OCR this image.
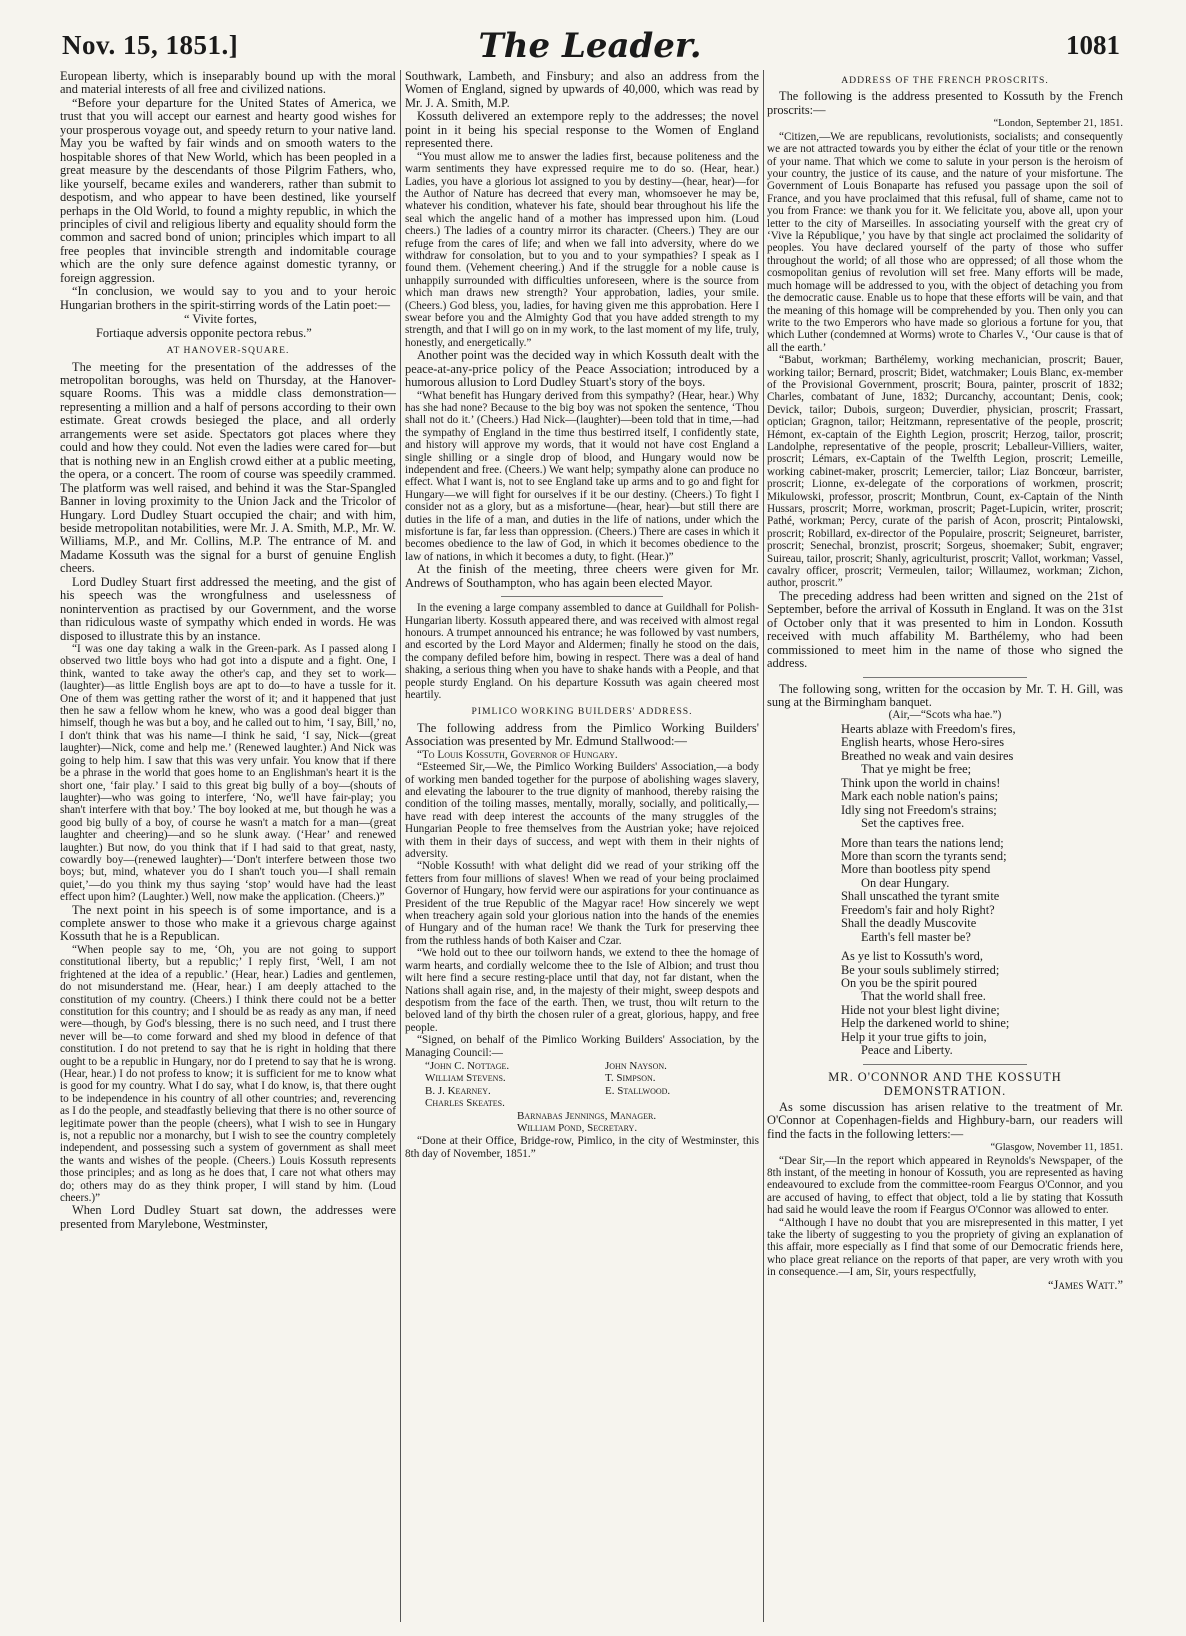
Nov. 15, 1851.]	The Leader.	1081

European liberty, which is inseparably bound up with the moral and material interests of all free and civilized nations.

“Before your departure for the United States of America, we trust that you will accept our earnest and hearty good wishes for your prosperous voyage out, and speedy return to your native land. May you be wafted by fair winds and on smooth waters to the hospitable shores of that New World, which has been peopled in a great measure by the descendants of those Pilgrim Fathers, who, like yourself, became exiles and wanderers, rather than submit to despotism, and who appear to have been destined, like yourself perhaps in the Old World, to found a mighty republic, in which the principles of civil and religious liberty and equality should form the common and sacred bond of union; principles which impart to all free peoples that invincible strength and indomitable courage which are the only sure defence against domestic tyranny, or foreign aggression.

“In conclusion, we would say to you and to your heroic Hungarian brothers in the spirit-stirring words of the Latin poet:—

“ Vivite fortes,
Fortiaque adversis opponite pectora rebus.”
AT HANOVER-SQUARE.

The meeting for the presentation of the addresses of the metropolitan boroughs, was held on Thursday, at the Hanover-square Rooms. This was a middle class demonstration—representing a million and a half of persons according to their own estimate. Great crowds besieged the place, and all orderly arrangements were set aside. Spectators got places where they could and how they could. Not even the ladies were cared for—but that is nothing new in an English crowd either at a public meeting, the opera, or a concert. The room of course was speedily crammed. The platform was well raised, and behind it was the Star-Spangled Banner in loving proximity to the Union Jack and the Tricolor of Hungary. Lord Dudley Stuart occupied the chair; and with him, beside metropolitan notabilities, were Mr. J. A. Smith, M.P., Mr. W. Williams, M.P., and Mr. Collins, M.P. The entrance of M. and Madame Kossuth was the signal for a burst of genuine English cheers.

Lord Dudley Stuart first addressed the meeting, and the gist of his speech was the wrongfulness and uselessness of nonintervention as practised by our Government, and the worse than ridiculous waste of sympathy which ended in words. He was disposed to illustrate this by an instance.

“I was one day taking a walk in the Green-park. As I passed along I observed two little boys who had got into a dispute and a fight. One, I think, wanted to take away the other's cap, and they set to work—(laughter)—as little English boys are apt to do—to have a tussle for it. One of them was getting rather the worst of it; and it happened that just then he saw a fellow whom he knew, who was a good deal bigger than himself, though he was but a boy, and he called out to him, ‘I say, Bill,’ no, I don't think that was his name—I think he said, ‘I say, Nick—(great laughter)—Nick, come and help me.’ (Renewed laughter.) And Nick was going to help him. I saw that this was very unfair. You know that if there be a phrase in the world that goes home to an Englishman's heart it is the short one, ‘fair play.’ I said to this great big bully of a boy—(shouts of laughter)—who was going to interfere, ‘No, we'll have fair-play; you shan't interfere with that boy.’ The boy looked at me, but though he was a good big bully of a boy, of course he wasn't a match for a man—(great laughter and cheering)—and so he slunk away. (‘Hear’ and renewed laughter.) But now, do you think that if I had said to that great, nasty, cowardly boy—(renewed laughter)—‘Don't interfere between those two boys; but, mind, whatever you do I shan't touch you—I shall remain quiet,’—do you think my thus saying ‘stop’ would have had the least effect upon him? (Laughter.) Well, now make the application. (Cheers.)”

The next point in his speech is of some importance, and is a complete answer to those who make it a grievous charge against Kossuth that he is a Republican.

“When people say to me, ‘Oh, you are not going to support constitutional liberty, but a republic;’ I reply first, ‘Well, I am not frightened at the idea of a republic.’ (Hear, hear.) Ladies and gentlemen, do not misunderstand me. (Hear, hear.) I am deeply attached to the constitution of my country. (Cheers.) I think there could not be a better constitution for this country; and I should be as ready as any man, if need were—though, by God's blessing, there is no such need, and I trust there never will be—to come forward and shed my blood in defence of that constitution. I do not pretend to say that he is right in holding that there ought to be a republic in Hungary, nor do I pretend to say that he is wrong. (Hear, hear.) I do not profess to know; it is sufficient for me to know what is good for my country. What I do say, what I do know, is, that there ought to be independence in his country of all other countries; and, reverencing as I do the people, and steadfastly believing that there is no other source of legitimate power than the people (cheers), what I wish to see in Hungary is, not a republic nor a monarchy, but I wish to see the country completely independent, and possessing such a system of government as shall meet the wants and wishes of the people. (Cheers.) Louis Kossuth represents those principles; and as long as he does that, I care not what others may do; others may do as they think proper, I will stand by him. (Loud cheers.)”

When Lord Dudley Stuart sat down, the addresses were presented from Marylebone, Westminster,

Southwark, Lambeth, and Finsbury; and also an address from the Women of England, signed by upwards of 40,000, which was read by Mr. J. A. Smith, M.P.

Kossuth delivered an extempore reply to the addresses; the novel point in it being his special response to the Women of England represented there.

“You must allow me to answer the ladies first, because politeness and the warm sentiments they have expressed require me to do so. (Hear, hear.) Ladies, you have a glorious lot assigned to you by destiny—(hear, hear)—for the Author of Nature has decreed that every man, whomsoever he may be, whatever his condition, whatever his fate, should bear throughout his life the seal which the angelic hand of a mother has impressed upon him. (Loud cheers.) The ladies of a country mirror its character. (Cheers.) They are our refuge from the cares of life; and when we fall into adversity, where do we withdraw for consolation, but to you and to your sympathies? I speak as I found them. (Vehement cheering.) And if the struggle for a noble cause is unhappily surrounded with difficulties unforeseen, where is the source from which man draws new strength? Your approbation, ladies, your smile. (Cheers.) God bless, you, ladies, for having given me this approbation. Here I swear before you and the Almighty God that you have added strength to my strength, and that I will go on in my work, to the last moment of my life, truly, honestly, and energetically.”

Another point was the decided way in which Kossuth dealt with the peace-at-any-price policy of the Peace Association; introduced by a humorous allusion to Lord Dudley Stuart's story of the boys.

“What benefit has Hungary derived from this sympathy? (Hear, hear.) Why has she had none? Because to the big boy was not spoken the sentence, ‘Thou shall not do it.’ (Cheers.) Had Nick—(laughter)—been told that in time,—had the sympathy of England in the time thus bestirred itself, I confidently state, and history will approve my words, that it would not have cost England a single shilling or a single drop of blood, and Hungary would now be independent and free. (Cheers.) We want help; sympathy alone can produce no effect. What I want is, not to see England take up arms and to go and fight for Hungary—we will fight for ourselves if it be our destiny. (Cheers.) To fight I consider not as a glory, but as a misfortune—(hear, hear)—but still there are duties in the life of a man, and duties in the life of nations, under which the misfortune is far, far less than oppression. (Cheers.) There are cases in which it becomes obedience to the law of God, in which it becomes obedience to the law of nations, in which it becomes a duty, to fight. (Hear.)”

At the finish of the meeting, three cheers were given for Mr. Andrews of Southampton, who has again been elected Mayor.

In the evening a large company assembled to dance at Guildhall for Polish-Hungarian liberty. Kossuth appeared there, and was received with almost regal honours. A trumpet announced his entrance; he was followed by vast numbers, and escorted by the Lord Mayor and Aldermen; finally he stood on the dais, the company defiled before him, bowing in respect. There was a deal of hand shaking, a serious thing when you have to shake hands with a People, and that people sturdy England. On his departure Kossuth was again cheered most heartily.

PIMLICO WORKING BUILDERS' ADDRESS.

The following address from the Pimlico Working Builders' Association was presented by Mr. Edmund Stallwood:—

“To Louis Kossuth, Governor of Hungary.

“Esteemed Sir,—We, the Pimlico Working Builders' Association,—a body of working men banded together for the purpose of abolishing wages slavery, and elevating the labourer to the true dignity of manhood, thereby raising the condition of the toiling masses, mentally, morally, socially, and politically,—have read with deep interest the accounts of the many struggles of the Hungarian People to free themselves from the Austrian yoke; have rejoiced with them in their days of success, and wept with them in their nights of adversity.

“Noble Kossuth! with what delight did we read of your striking off the fetters from four millions of slaves! When we read of your being proclaimed Governor of Hungary, how fervid were our aspirations for your continuance as President of the true Republic of the Magyar race! How sincerely we wept when treachery again sold your glorious nation into the hands of the enemies of Hungary and of the human race! We thank the Turk for preserving thee from the ruthless hands of both Kaiser and Czar.

“We hold out to thee our toilworn hands, we extend to thee the homage of warm hearts, and cordially welcome thee to the Isle of Albion; and trust thou wilt here find a secure resting-place until that day, not far distant, when the Nations shall again rise, and, in the majesty of their might, sweep despots and despotism from the face of the earth. Then, we trust, thou wilt return to the beloved land of thy birth the chosen ruler of a great, glorious, happy, and free people.

“Signed, on behalf of the Pimlico Working Builders' Association, by the Managing Council:—

“John C. Nottage.	John Nayson.
William Stevens.	T. Simpson.
B. J. Kearney.	E. Stallwood.
Charles Skeates.
Barnabas Jennings, Manager.
William Pond, Secretary.

“Done at their Office, Bridge-row, Pimlico, in the city of Westminster, this 8th day of November, 1851.”

ADDRESS OF THE FRENCH PROSCRITS.

The following is the address presented to Kossuth by the French proscrits:—

“London, September 21, 1851.

“Citizen,—We are republicans, revolutionists, socialists; and consequently we are not attracted towards you by either the éclat of your title or the renown of your name. That which we come to salute in your person is the heroism of your country, the justice of its cause, and the nature of your misfortune. The Government of Louis Bonaparte has refused you passage upon the soil of France, and you have proclaimed that this refusal, full of shame, came not to you from France: we thank you for it. We felicitate you, above all, upon your letter to the city of Marseilles. In associating yourself with the great cry of ‘Vive la République,’ you have by that single act proclaimed the solidarity of peoples. You have declared yourself of the party of those who suffer throughout the world; of all those who are oppressed; of all those whom the cosmopolitan genius of revolution will set free. Many efforts will be made, much homage will be addressed to you, with the object of detaching you from the democratic cause. Enable us to hope that these efforts will be vain, and that the meaning of this homage will be comprehended by you. Then only you can write to the two Emperors who have made so glorious a fortune for you, that which Luther (condemned at Worms) wrote to Charles V., ‘Our cause is that of all the earth.’

“Babut, workman; Barthélemy, working mechanician, proscrit; Bauer, working tailor; Bernard, proscrit; Bidet, watchmaker; Louis Blanc, ex-member of the Provisional Government, proscrit; Boura, painter, proscrit of 1832; Charles, combatant of June, 1832; Durcanchy, accountant; Denis, cook; Devick, tailor; Dubois, surgeon; Duverdier, physician, proscrit; Frassart, optician; Gragnon, tailor; Heitzmann, representative of the people, proscrit; Hémont, ex-captain of the Eighth Legion, proscrit; Herzog, tailor, proscrit; Landolphe, representative of the people, proscrit; Leballeur-Villiers, waiter, proscrit; Lémars, ex-Captain of the Twelfth Legion, proscrit; Lemeille, working cabinet-maker, proscrit; Lemercier, tailor; Liaz Boncœur, barrister, proscrit; Lionne, ex-delegate of the corporations of workmen, proscrit; Mikulowski, professor, proscrit; Montbrun, Count, ex-Captain of the Ninth Hussars, proscrit; Morre, workman, proscrit; Paget-Lupicin, writer, proscrit; Pathé, workman; Percy, curate of the parish of Acon, proscrit; Pintalowski, proscrit; Robillard, ex-director of the Populaire, proscrit; Seigneuret, barrister, proscrit; Senechal, bronzist, proscrit; Sorgeus, shoemaker; Subit, engraver; Suireau, tailor, proscrit; Shanly, agriculturist, proscrit; Vallot, workman; Vassel, cavalry officer, proscrit; Vermeulen, tailor; Willaumez, workman; Zichon, author, proscrit.”

The preceding address had been written and signed on the 21st of September, before the arrival of Kossuth in England. It was on the 31st of October only that it was presented to him in London. Kossuth received with much affability M. Barthélemy, who had been commissioned to meet him in the name of those who signed the address.

The following song, written for the occasion by Mr. T. H. Gill, was sung at the Birmingham banquet.

(Air,—“Scots wha hae.”)

Hearts ablaze with Freedom's fires,
English hearts, whose Hero-sires
Breathed no weak and vain desires
That ye might be free;
Think upon the world in chains!
Mark each noble nation's pains;
Idly sing not Freedom's strains;
Set the captives free.
More than tears the nations lend;
More than scorn the tyrants send;
More than bootless pity spend
On dear Hungary.
Shall unscathed the tyrant smite
Freedom's fair and holy Right?
Shall the deadly Muscovite
Earth's fell master be?
As ye list to Kossuth's word,
Be your souls sublimely stirred;
On you be the spirit poured
That the world shall free.
Hide not your blest light divine;
Help the darkened world to shine;
Help it your true gifts to join,
Peace and Liberty.
MR. O'CONNOR AND THE KOSSUTH
DEMONSTRATION.

As some discussion has arisen relative to the treatment of Mr. O'Connor at Copenhagen-fields and Highbury-barn, our readers will find the facts in the following letters:—

“Glasgow, November 11, 1851.

“Dear Sir,—In the report which appeared in Reynolds's Newspaper, of the 8th instant, of the meeting in honour of Kossuth, you are represented as having endeavoured to exclude from the committee-room Feargus O'Connor, and you are accused of having, to effect that object, told a lie by stating that Kossuth had said he would leave the room if Feargus O'Connor was allowed to enter.

“Although I have no doubt that you are misrepresented in this matter, I yet take the liberty of suggesting to you the propriety of giving an explanation of this affair, more especially as I find that some of our Democratic friends here, who place great reliance on the reports of that paper, are very wroth with you in consequence.—I am, Sir, yours respectfully,

“James Watt.”
